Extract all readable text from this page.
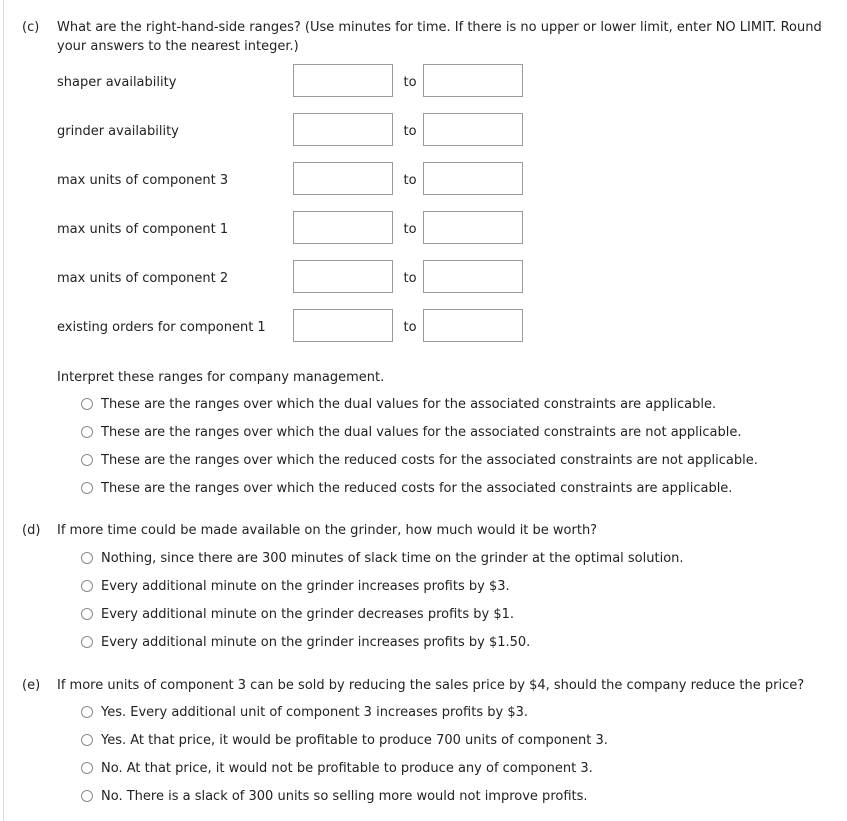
(c) What are the right-hand-side ranges? (Use minutes for time. If there is no upper or lower limit, enter NO LIMIT. Round
your answers to the nearest integer.)
shaper availability	to
grinder availability	to
max units of component 3	to
max units of component 1	to
max units of component 2	to
existing orders for component 1	to
Interpret these ranges for company management.
These are the ranges over which the dual values for the associated constraints are applicable.
These are the ranges over which the dual values for the associated constraints are not applicable.
These are the ranges over which the reduced costs for the associated constraints are not applicable.
These are the ranges over which the reduced costs for the associated constraints are applicable.
(d) If more time could be made available on the grinder, how much would it be worth?
Nothing, since there are 300 minutes of slack time on the grinder at the optimal solution.
Every additional minute on the grinder increases profits by $3.
Every additional minute on the grinder decreases profits by $1.
Every additional minute on the grinder increases profits by $1.50.
(e) If more units of component 3 can be sold by reducing the sales price by $4, should the company reduce the price?
Yes. Every additional unit of component 3 increases profits by $3.
Yes. At that price, it would be profitable to produce 700 units of component 3.
No. At that price, it would not be profitable to produce any of component 3.
No. There is a slack of 300 units so selling more would not improve profits.
